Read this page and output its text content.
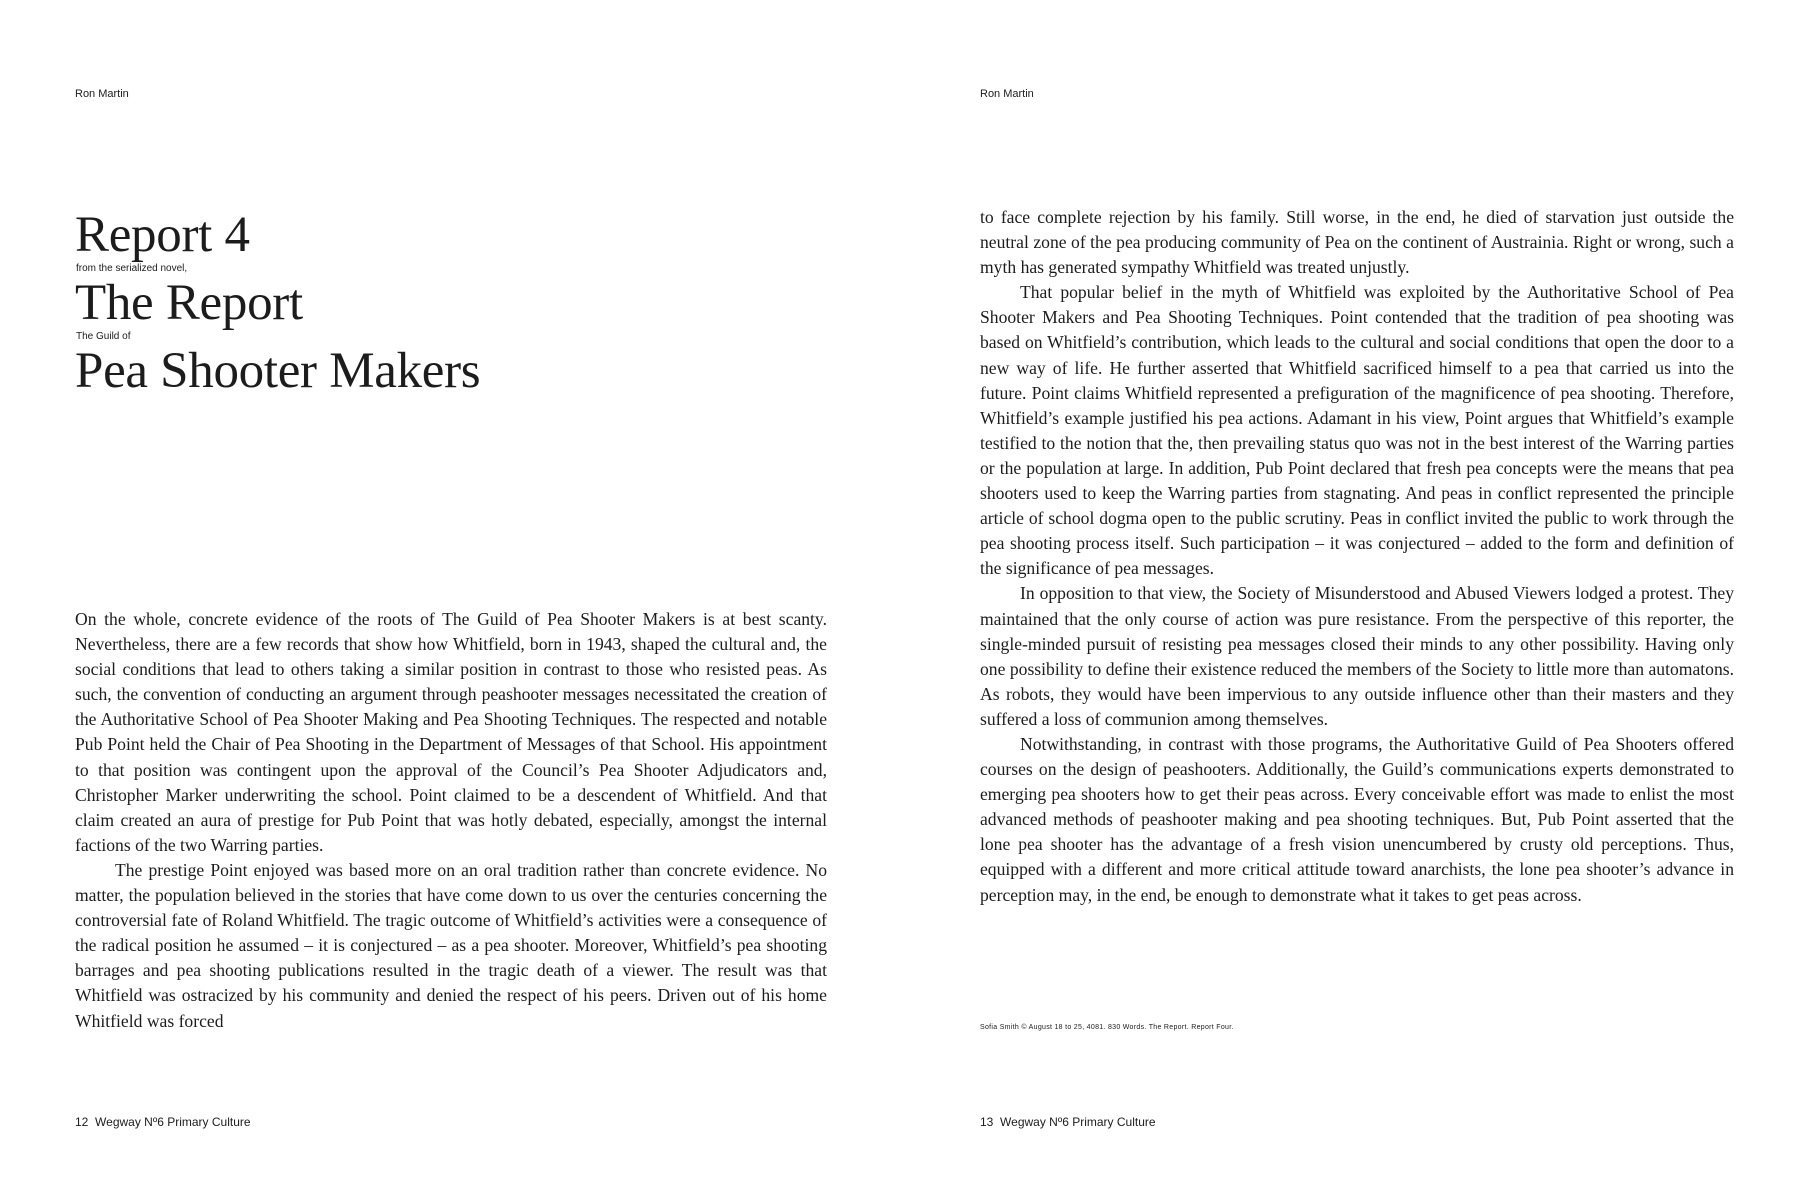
Ron Martin
Report 4
from the serialized novel,
The Report
The Guild of
Pea Shooter Makers

On the whole, concrete evidence of the roots of The Guild of Pea Shooter Makers is at best scanty. Nevertheless, there are a few records that show how Whitfield, born in 1943, shaped the cultural and, the social conditions that lead to others taking a similar position in contrast to those who resisted peas. As such, the convention of conducting an argument through peashooter messages necessitated the creation of the Authoritative School of Pea Shooter Making and Pea Shooting Techniques. The respected and notable Pub Point held the Chair of Pea Shooting in the Department of Messages of that School. His appointment to that position was contingent upon the approval of the Council’s Pea Shooter Adjudicators and, Christopher Marker underwriting the school. Point claimed to be a descendent of Whitfield. And that claim created an aura of prestige for Pub Point that was hotly debated, especially, amongst the internal factions of the two Warring parties.

The prestige Point enjoyed was based more on an oral tradition rather than concrete evidence. No matter, the population believed in the stories that have come down to us over the centuries concerning the controversial fate of Roland Whitfield. The tragic outcome of Whitfield’s activities were a consequence of the radical position he assumed – it is conjectured – as a pea shooter. Moreover, Whitfield’s pea shooting barrages and pea shooting publications resulted in the tragic death of a viewer. The result was that Whitfield was ostracized by his community and denied the respect of his peers. Driven out of his home Whitfield was forced

12 Wegway Nº6 Primary Culture
Ron Martin

to face complete rejection by his family. Still worse, in the end, he died of starvation just outside the neutral zone of the pea producing community of Pea on the continent of Austrainia. Right or wrong, such a myth has generated sympathy Whitfield was treated unjustly.

That popular belief in the myth of Whitfield was exploited by the Authoritative School of Pea Shooter Makers and Pea Shooting Techniques. Point contended that the tradition of pea shooting was based on Whitfield’s contribution, which leads to the cultural and social conditions that open the door to a new way of life. He further asserted that Whitfield sacrificed himself to a pea that carried us into the future. Point claims Whitfield represented a prefiguration of the magnificence of pea shooting. Therefore, Whitfield’s example justified his pea actions. Adamant in his view, Point argues that Whitfield’s example testified to the notion that the, then prevailing status quo was not in the best interest of the Warring parties or the population at large. In addition, Pub Point declared that fresh pea concepts were the means that pea shooters used to keep the Warring parties from stagnating. And peas in conflict represented the principle article of school dogma open to the public scrutiny. Peas in conflict invited the public to work through the pea shooting process itself. Such participation – it was conjectured – added to the form and definition of the significance of pea messages.

In opposition to that view, the Society of Misunderstood and Abused Viewers lodged a protest. They maintained that the only course of action was pure resistance. From the perspective of this reporter, the single-minded pursuit of resisting pea messages closed their minds to any other possibility. Having only one possibility to define their existence reduced the members of the Society to little more than automatons. As robots, they would have been impervious to any outside influence other than their masters and they suffered a loss of communion among themselves.

Notwithstanding, in contrast with those programs, the Authoritative Guild of Pea Shooters offered courses on the design of peashooters. Additionally, the Guild’s communications experts demonstrated to emerging pea shooters how to get their peas across. Every conceivable effort was made to enlist the most advanced methods of peashooter making and pea shooting techniques. But, Pub Point asserted that the lone pea shooter has the advantage of a fresh vision unencumbered by crusty old perceptions. Thus, equipped with a different and more critical attitude toward anarchists, the lone pea shooter’s advance in perception may, in the end, be enough to demonstrate what it takes to get peas across.

13 Wegway Nº6 Primary Culture
Sofia Smith © August 18 to 25, 4081. 830 Words. The Report. Report Four.
